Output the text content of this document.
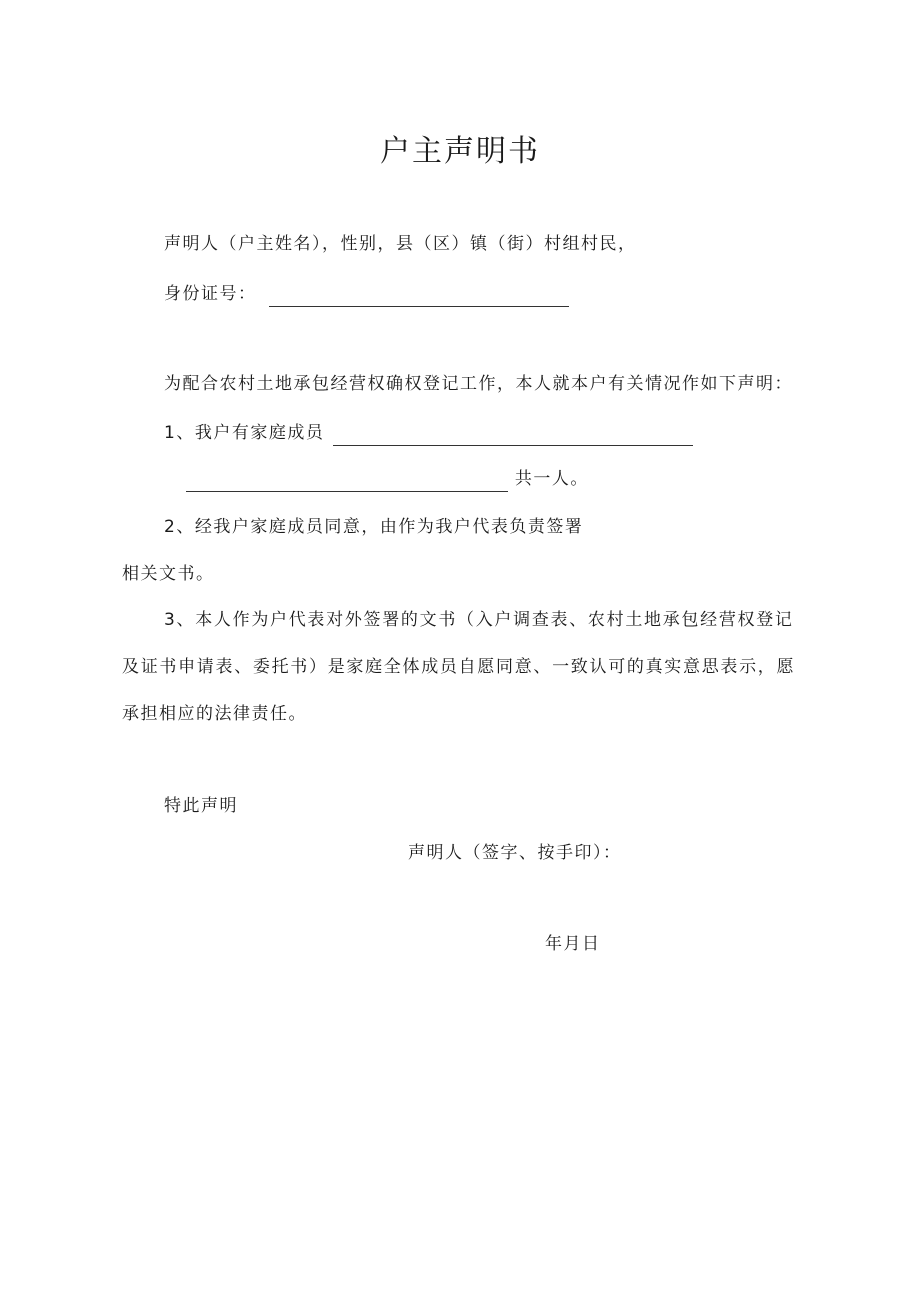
户主声明书
声明人（户主姓名），性别，县（区）镇（街）村组村民，
身份证号：
为配合农村土地承包经营权确权登记工作，本人就本户有关情况作如下声明：
1、我户有家庭成员
共一人。
2、经我户家庭成员同意，由作为我户代表负责签署
相关文书。
3、本人作为户代表对外签署的文书（入户调查表、农村土地承包经营权登记
及证书申请表、委托书）是家庭全体成员自愿同意、一致认可的真实意思表示，愿
承担相应的法律责任。
特此声明
声明人（签字、按手印）：
年月日
